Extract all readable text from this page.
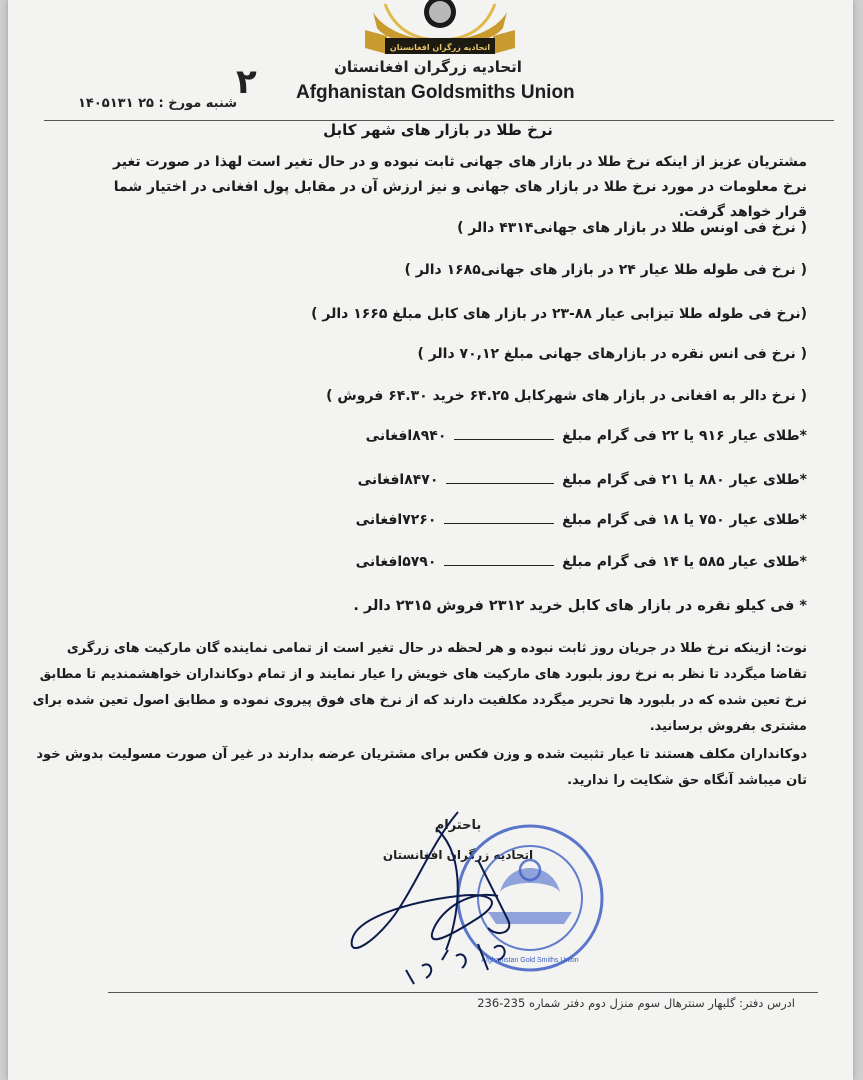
اتحادیه زرگران افغانستان
اتحادیه زرگران افغانستان
Afghanistan Goldsmiths Union
۲
شنبه مورخ : ۲۵ ۱۴۰۵۱۳۱
نرخ طلا در بازار های شهر کابل
مشتریان عزیز از اینکه نرخ طلا در بازار های جهانی ثابت نبوده و در حال تغیر است لهذا در صورت تغیر نرخ معلومات در مورد نرخ طلا در بازار های جهانی و نیز ارزش آن در مقابل پول افغانی در اختیار شما قرار خواهد گرفت.
( نرخ فی اونس طلا در بازار های جهانی۴۳۱۴ دالر )
( نرخ فی طوله طلا عیار ۲۴ در بازار های جهانی۱۶۸۵ دالر )
(نرخ فی طوله طلا تیزابی عیار ۸۸-۲۳ در بازار های کابل مبلغ ۱۶۶۵ دالر )
( نرخ فی انس نقره در بازارهای جهانی مبلغ ۷۰,۱۲ دالر )
( نرخ دالر به افغانی در بازار های شهرکابل ۶۴.۲۵ خرید ۶۴.۳۰ فروش )
*طلای عیار ۹۱۶ یا ۲۲ فی گرام مبلغ  ۸۹۴۰افغانی
*طلای عیار ۸۸۰ یا ۲۱ فی گرام مبلغ  ۸۴۷۰افغانی
*طلای عیار ۷۵۰ یا ۱۸ فی گرام مبلغ  ۷۲۶۰افغانی
*طلای عیار ۵۸۵ یا ۱۴ فی گرام مبلغ  ۵۷۹۰افغانی
* فی کیلو نقره در بازار های کابل خرید ۲۳۱۲ فروش ۲۳۱۵ دالر .
نوت: ازینکه نرخ طلا در جریان روز ثابت نبوده و هر لحظه در حال تغیر است از تمامی نماینده گان مارکیت های زرگری تقاضا میگردد تا نظر به نرخ روز بلبورد های مارکیت های خویش را عیار نمایند و از تمام دوکانداران خواهشمندیم تا مطابق نرخ تعین شده که در بلبورد ها تحریر میگردد مکلفیت دارند که از نرخ های فوق پیروی نموده و مطابق اصول تعین شده برای مشتری بفروش برسانید.
دوکانداران مکلف هستند تا عیار تثبیت شده و وزن فکس برای مشتریان عرضه بدارند در غیر آن صورت مسولیت بدوش خود تان میباشد آنگاه حق شکایت را ندارید.
باحترام
اتحادیه زرگران افغانستان
Afghanistan Gold Smiths Union
ادرس دفتر: گلبهار سنترهال سوم منزل دوم دفتر شماره 235-236
